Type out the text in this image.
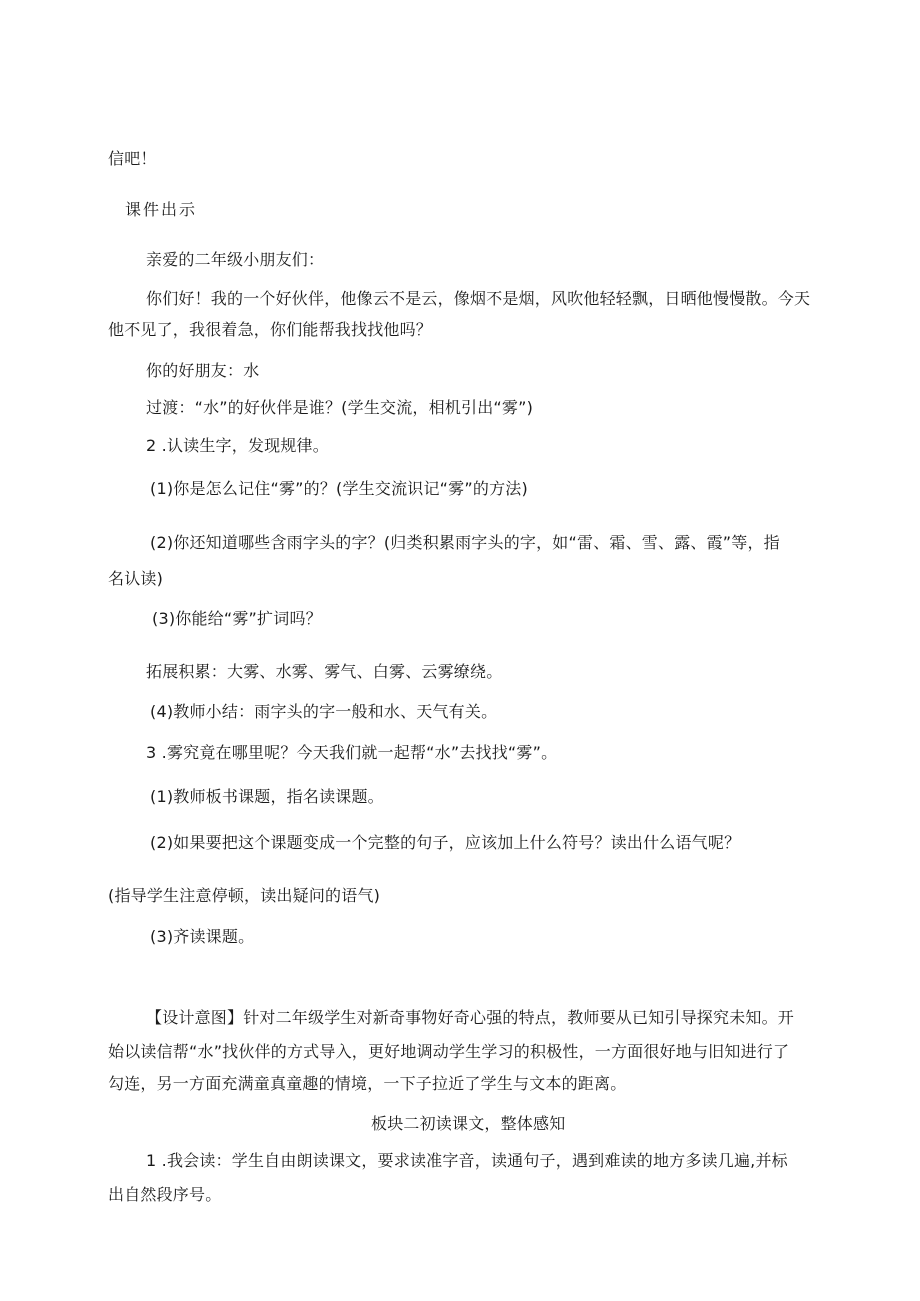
信吧！
课件出示
亲爱的二年级小朋友们：
你们好！我的一个好伙伴，他像云不是云，像烟不是烟，风吹他轻轻飘，日晒他慢慢散。今天
他不见了，我很着急，你们能帮我找找他吗？
你的好朋友：水
过渡：“水”的好伙伴是谁？(学生交流，相机引出“雾”)
2 .认读生字，发现规律。
(1)你是怎么记住“雾”的？(学生交流识记“雾”的方法)
(2)你还知道哪些含雨字头的字？(归类积累雨字头的字，如“雷、霜、雪、露、霞”等，指
名认读)
(3)你能给“雾”扩词吗？
拓展积累：大雾、水雾、雾气、白雾、云雾缭绕。
(4)教师小结：雨字头的字一般和水、天气有关。
3 .雾究竟在哪里呢？今天我们就一起帮“水”去找找“雾”。
(1)教师板书课题，指名读课题。
(2)如果要把这个课题变成一个完整的句子，应该加上什么符号？读出什么语气呢？
(指导学生注意停顿，读出疑问的语气)
(3)齐读课题。
【设计意图】针对二年级学生对新奇事物好奇心强的特点，教师要从已知引导探究未知。开
始以读信帮“水”找伙伴的方式导入，更好地调动学生学习的积极性，一方面很好地与旧知进行了
勾连，另一方面充满童真童趣的情境，一下子拉近了学生与文本的距离。
板块二初读课文，整体感知
1 .我会读：学生自由朗读课文，要求读准字音，读通句子，遇到难读的地方多读几遍,并标
出自然段序号。
